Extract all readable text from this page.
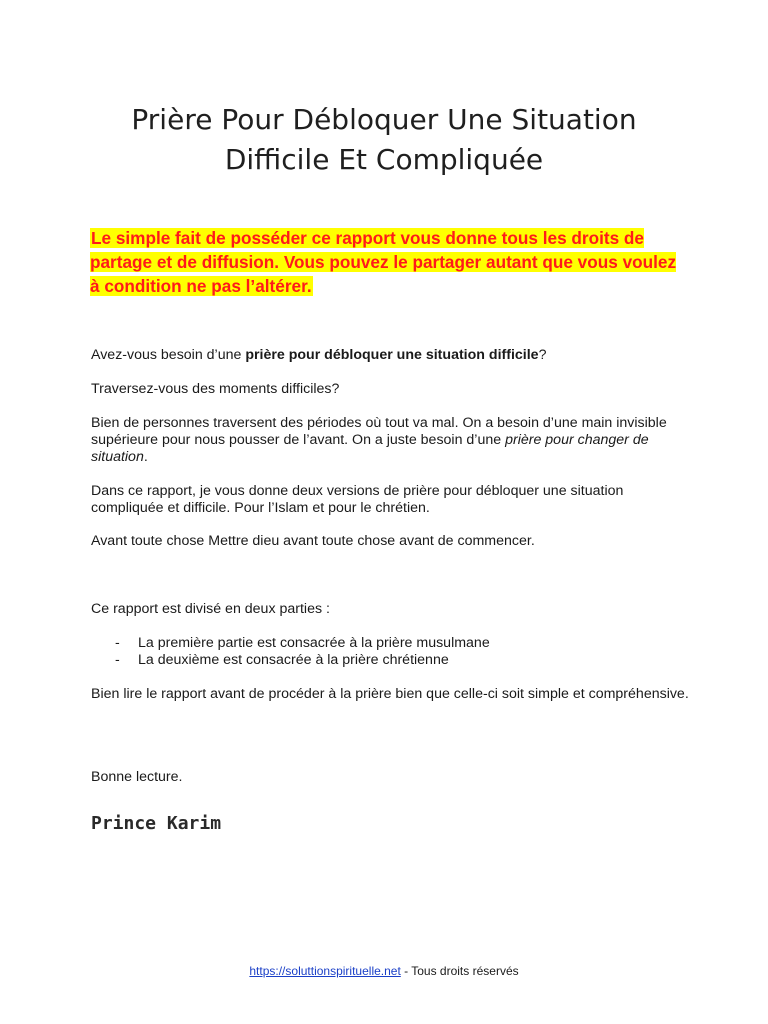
Prière Pour Débloquer Une Situation
Difficile Et Compliquée

Le simple fait de posséder ce rapport vous donne tous les droits de partage et de diffusion. Vous pouvez le partager autant que vous voulez à condition ne pas l’altérer.

Avez-vous besoin d’une prière pour débloquer une situation difficile?

Traversez-vous des moments difficiles?

Bien de personnes traversent des périodes où tout va mal. On a besoin d’une main invisible supérieure pour nous pousser de l’avant. On a juste besoin d’une prière pour changer de situation.

Dans ce rapport, je vous donne deux versions de prière pour débloquer une situation compliquée et difficile. Pour l’Islam et pour le chrétien.

Avant toute chose Mettre dieu avant toute chose avant de commencer.

Ce rapport est divisé en deux parties :

- La première partie est consacrée à la prière musulmane
- La deuxième est consacrée à la prière chrétienne

Bien lire le rapport avant de procéder à la prière bien que celle-ci soit simple et compréhensive.

Bonne lecture.

Prince Karim

https://soluttionspirituelle.net - Tous droits réservés
